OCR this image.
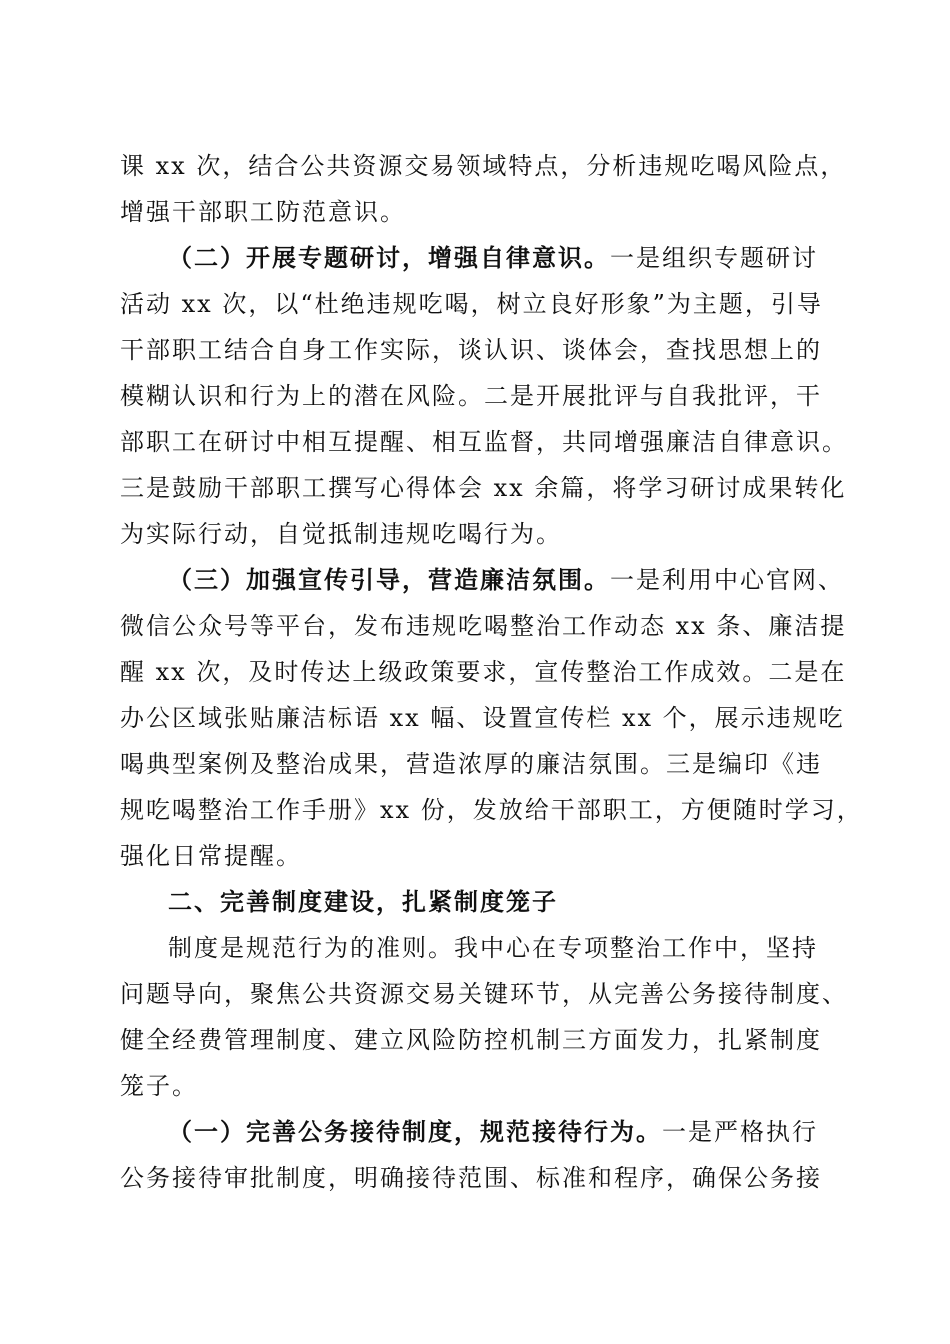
课 xx 次，结合公共资源交易领域特点，分析违规吃喝风险点，
增强干部职工防范意识。
（二）开展专题研讨，增强自律意识。一是组织专题研讨
活动 xx 次，以“杜绝违规吃喝，树立良好形象”为主题，引导
干部职工结合自身工作实际，谈认识、谈体会，查找思想上的
模糊认识和行为上的潜在风险。二是开展批评与自我批评，干
部职工在研讨中相互提醒、相互监督，共同增强廉洁自律意识。
三是鼓励干部职工撰写心得体会 xx 余篇，将学习研讨成果转化
为实际行动，自觉抵制违规吃喝行为。
（三）加强宣传引导，营造廉洁氛围。一是利用中心官网、
微信公众号等平台，发布违规吃喝整治工作动态 xx 条、廉洁提
醒 xx 次，及时传达上级政策要求，宣传整治工作成效。二是在
办公区域张贴廉洁标语 xx 幅、设置宣传栏 xx 个，展示违规吃
喝典型案例及整治成果，营造浓厚的廉洁氛围。三是编印《违
规吃喝整治工作手册》xx 份，发放给干部职工，方便随时学习，
强化日常提醒。
二、完善制度建设，扎紧制度笼子
制度是规范行为的准则。我中心在专项整治工作中，坚持
问题导向，聚焦公共资源交易关键环节，从完善公务接待制度、
健全经费管理制度、建立风险防控机制三方面发力，扎紧制度
笼子。
（一）完善公务接待制度，规范接待行为。一是严格执行
公务接待审批制度，明确接待范围、标准和程序，确保公务接
